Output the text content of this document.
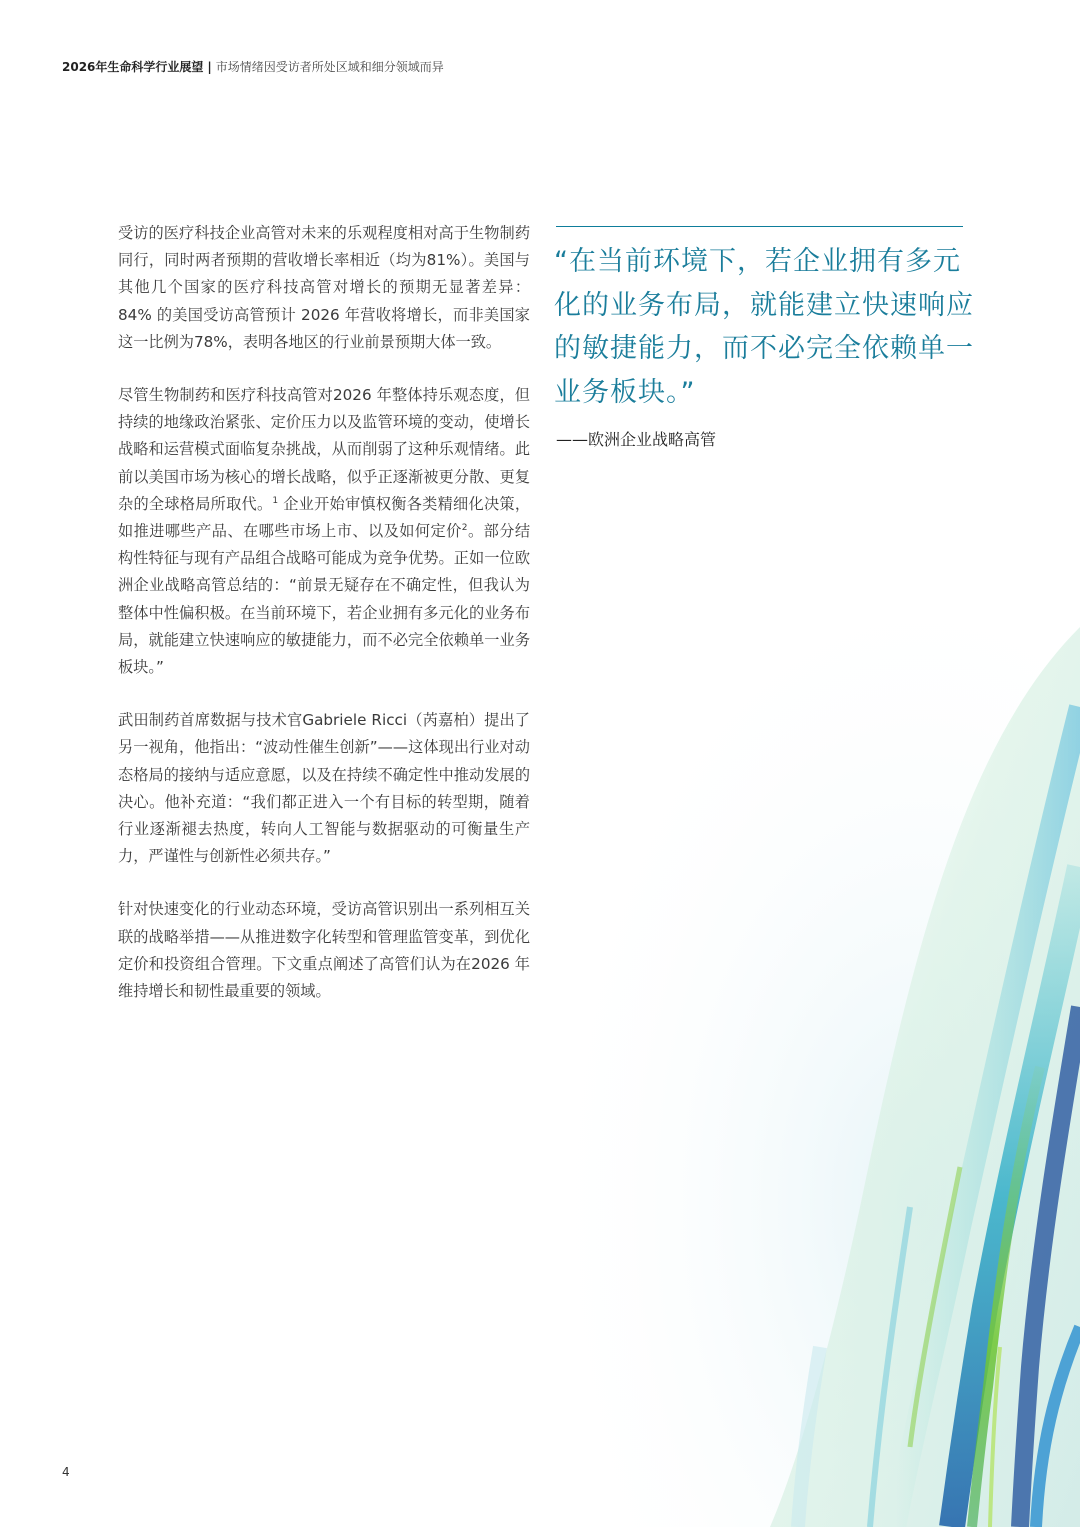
2026年生命科学行业展望 | 市场情绪因受访者所处区域和细分领域而异

受访的医疗科技企业高管对未来的乐观程度相对高于生物制药同行，同时两者预期的营收增长率相近（均为81%）。美国与其他几个国家的医疗科技高管对增长的预期无显著差异：84% 的美国受访高管预计 2026 年营收将增长，而非美国家这一比例为78%，表明各地区的行业前景预期大体一致。

尽管生物制药和医疗科技高管对2026 年整体持乐观态度，但持续的地缘政治紧张、定价压力以及监管环境的变动，使增长战略和运营模式面临复杂挑战，从而削弱了这种乐观情绪。此前以美国市场为核心的增长战略，似乎正逐渐被更分散、更复杂的全球格局所取代。$^1$ 企业开始审慎权衡各类精细化决策，如推进哪些产品、在哪些市场上市、以及如何定价$^2$。部分结构性特征与现有产品组合战略可能成为竞争优势。正如一位欧洲企业战略高管总结的：“前景无疑存在不确定性，但我认为整体中性偏积极。在当前环境下，若企业拥有多元化的业务布局，就能建立快速响应的敏捷能力，而不必完全依赖单一业务板块。”

武田制药首席数据与技术官Gabriele Ricci（芮嘉柏）提出了另一视角，他指出：“波动性催生创新”——这体现出行业对动态格局的接纳与适应意愿，以及在持续不确定性中推动发展的决心。他补充道：“我们都正进入一个有目标的转型期，随着行业逐渐褪去热度，转向人工智能与数据驱动的可衡量生产力，严谨性与创新性必须共存。”

针对快速变化的行业动态环境，受访高管识别出一系列相互关联的战略举措——从推进数字化转型和管理监管变革，到优化定价和投资组合管理。下文重点阐述了高管们认为在2026 年维持增长和韧性最重要的领域。

“在当前环境下，若企业拥有多元化的业务布局，就能建立快速响应的敏捷能力，而不必完全依赖单一业务板块。”
——欧洲企业战略高管
4
